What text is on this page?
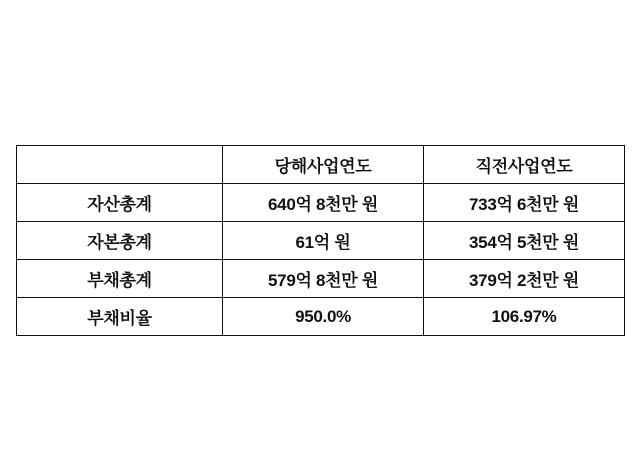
	당해사업연도	직전사업연도
자산총계	640억 8천만 원	733억 6천만 원
자본총계	61억 원	354억 5천만 원
부채총계	579억 8천만 원	379억 2천만 원
부채비율	950.0%	106.97%
